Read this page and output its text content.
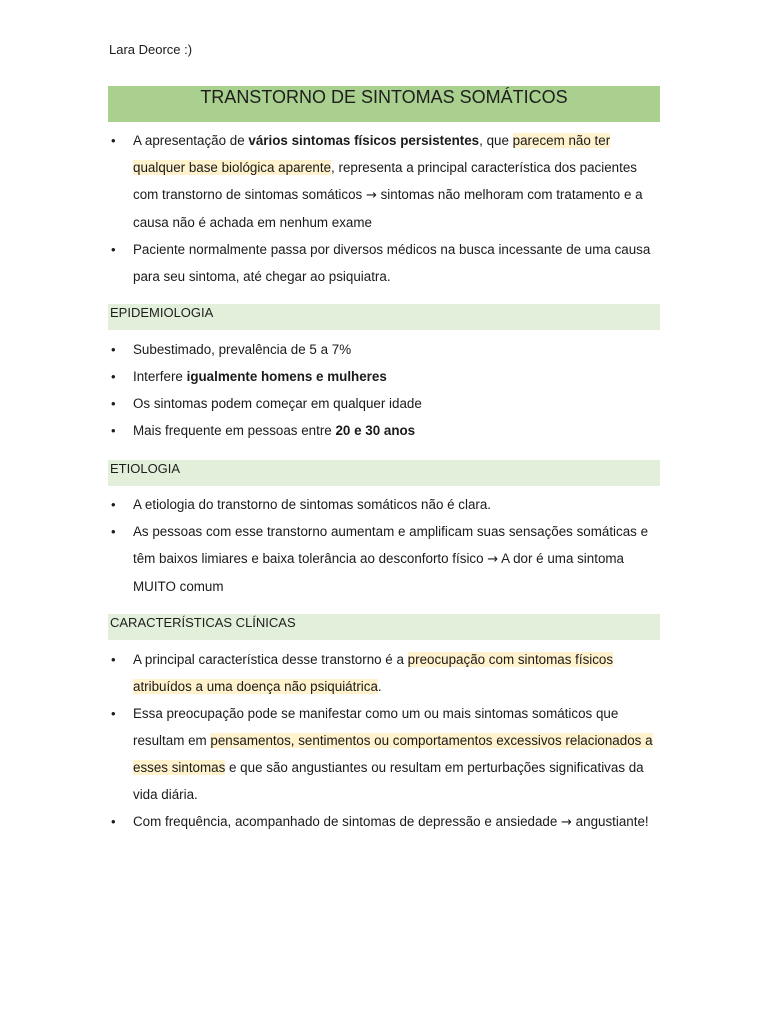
Lara Deorce :)
TRANSTORNO DE SINTOMAS SOMÁTICOS
• A apresentação de vários sintomas físicos persistentes, que parecem não ter qualquer base biológica aparente, representa a principal característica dos pacientes com transtorno de sintomas somáticos → sintomas não melhoram com tratamento e a causa não é achada em nenhum exame
• Paciente normalmente passa por diversos médicos na busca incessante de uma causa para seu sintoma, até chegar ao psiquiatra.
EPIDEMIOLOGIA
• Subestimado, prevalência de 5 a 7%
• Interfere igualmente homens e mulheres
• Os sintomas podem começar em qualquer idade
• Mais frequente em pessoas entre 20 e 30 anos
ETIOLOGIA
• A etiologia do transtorno de sintomas somáticos não é clara.
• As pessoas com esse transtorno aumentam e amplificam suas sensações somáticas e têm baixos limiares e baixa tolerância ao desconforto físico → A dor é uma sintoma MUITO comum
CARACTERÍSTICAS CLÍNICAS
• A principal característica desse transtorno é a preocupação com sintomas físicos atribuídos a uma doença não psiquiátrica.
• Essa preocupação pode se manifestar como um ou mais sintomas somáticos que resultam em pensamentos, sentimentos ou comportamentos excessivos relacionados a esses sintomas e que são angustiantes ou resultam em perturbações significativas da vida diária.
• Com frequência, acompanhado de sintomas de depressão e ansiedade → angustiante!
